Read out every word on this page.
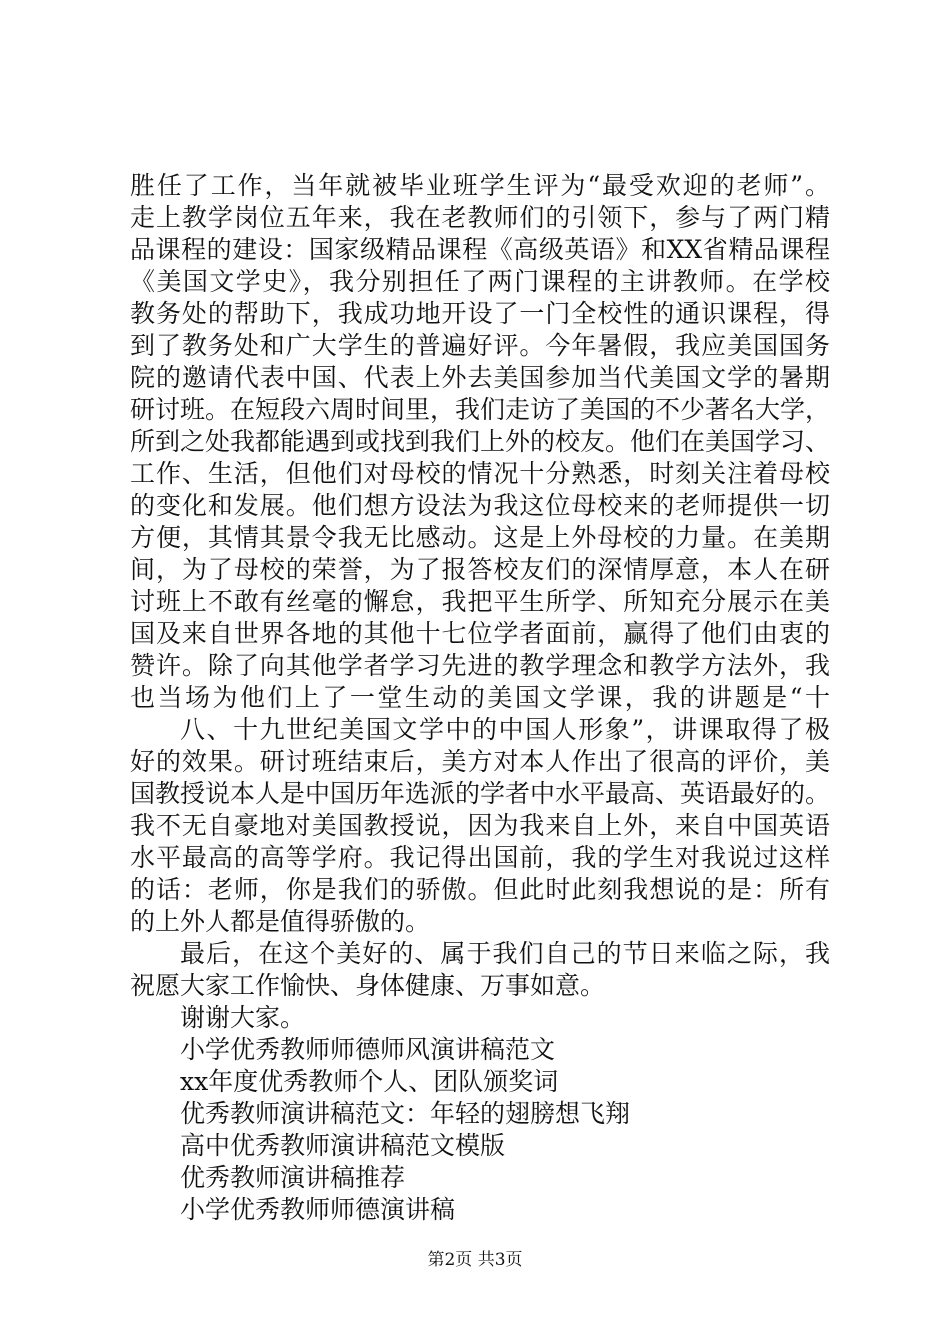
胜任了工作，当年就被毕业班学生评为“最受欢迎的老师”。
走上教学岗位五年来，我在老教师们的引领下，参与了两门精
品课程的建设：国家级精品课程《高级英语》和XX省精品课程
《美国文学史》，我分别担任了两门课程的主讲教师。在学校
教务处的帮助下，我成功地开设了一门全校性的通识课程，得
到了教务处和广大学生的普遍好评。今年暑假，我应美国国务
院的邀请代表中国、代表上外去美国参加当代美国文学的暑期
研讨班。在短段六周时间里，我们走访了美国的不少著名大学，
所到之处我都能遇到或找到我们上外的校友。他们在美国学习、
工作、生活，但他们对母校的情况十分熟悉，时刻关注着母校
的变化和发展。他们想方设法为我这位母校来的老师提供一切
方便，其情其景令我无比感动。这是上外母校的力量。在美期
间，为了母校的荣誉，为了报答校友们的深情厚意，本人在研
讨班上不敢有丝毫的懈怠，我把平生所学、所知充分展示在美
国及来自世界各地的其他十七位学者面前，赢得了他们由衷的
赞许。除了向其他学者学习先进的教学理念和教学方法外，我
也当场为他们上了一堂生动的美国文学课，我的讲题是“十
八、十九世纪美国文学中的中国人形象”，讲课取得了极
好的效果。研讨班结束后，美方对本人作出了很高的评价，美
国教授说本人是中国历年选派的学者中水平最高、英语最好的。
我不无自豪地对美国教授说，因为我来自上外，来自中国英语
水平最高的高等学府。我记得出国前，我的学生对我说过这样
的话：老师，你是我们的骄傲。但此时此刻我想说的是：所有
的上外人都是值得骄傲的。
最后，在这个美好的、属于我们自己的节日来临之际，我
祝愿大家工作愉快、身体健康、万事如意。
谢谢大家。
小学优秀教师师德师风演讲稿范文
xx年度优秀教师个人、团队颁奖词
优秀教师演讲稿范文：年轻的翅膀想飞翔
高中优秀教师演讲稿范文模版
优秀教师演讲稿推荐
小学优秀教师师德演讲稿
第2页 共3页
